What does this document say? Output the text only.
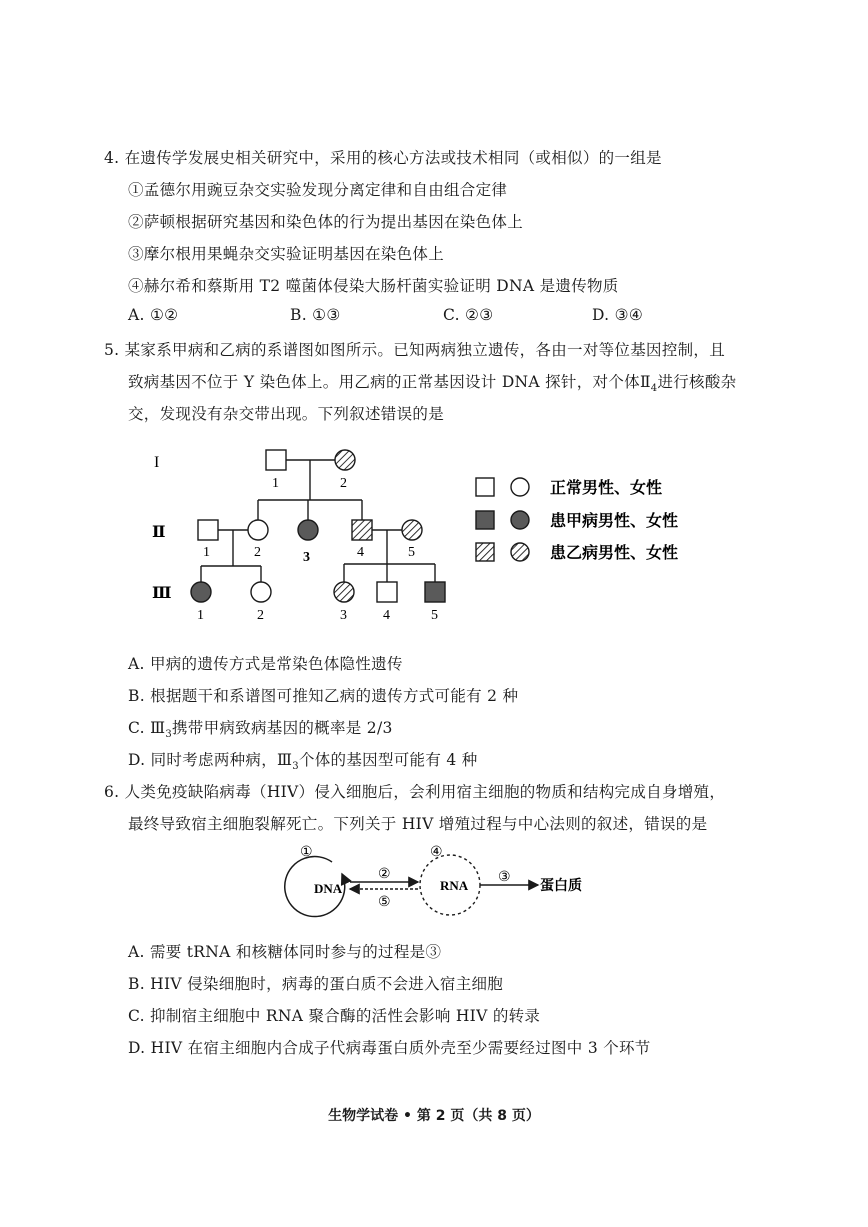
4. 在遗传学发展史相关研究中，采用的核心方法或技术相同（或相似）的一组是
①孟德尔用豌豆杂交实验发现分离定律和自由组合定律
②萨顿根据研究基因和染色体的行为提出基因在染色体上
③摩尔根用果蝇杂交实验证明基因在染色体上
④赫尔希和蔡斯用 T2 噬菌体侵染大肠杆菌实验证明 DNA 是遗传物质
A. ①②	B. ①③	C. ②③	D. ③④
5. 某家系甲病和乙病的系谱图如图所示。已知两病独立遗传，各由一对等位基因控制，且
致病基因不位于 Y 染色体上。用乙病的正常基因设计 DNA 探针，对个体$Ⅱ_4$进行核酸杂
交，发现没有杂交带出现。下列叙述错误的是
I
Ⅱ
Ⅲ
1	2
1	2	3	4	5
1	2	3	4	5
正常男性、女性
患甲病男性、女性
患乙病男性、女性
A. 甲病的遗传方式是常染色体隐性遗传
B. 根据题干和系谱图可推知乙病的遗传方式可能有 2 种
C. $Ⅲ_3$携带甲病致病基因的概率是 2/3
D. 同时考虑两种病，$Ⅲ_3$个体的基因型可能有 4 种
6. 人类免疫缺陷病毒（HIV）侵入细胞后，会利用宿主细胞的物质和结构完成自身增殖，
最终导致宿主细胞裂解死亡。下列关于 HIV 增殖过程与中心法则的叙述，错误的是
①
DNA
②
⑤
④
RNA
③
蛋白质
A. 需要 tRNA 和核糖体同时参与的过程是③
B. HIV 侵染细胞时，病毒的蛋白质不会进入宿主细胞
C. 抑制宿主细胞中 RNA 聚合酶的活性会影响 HIV 的转录
D. HIV 在宿主细胞内合成子代病毒蛋白质外壳至少需要经过图中 3 个环节
生物学试卷 • 第 2 页（共 8 页）
